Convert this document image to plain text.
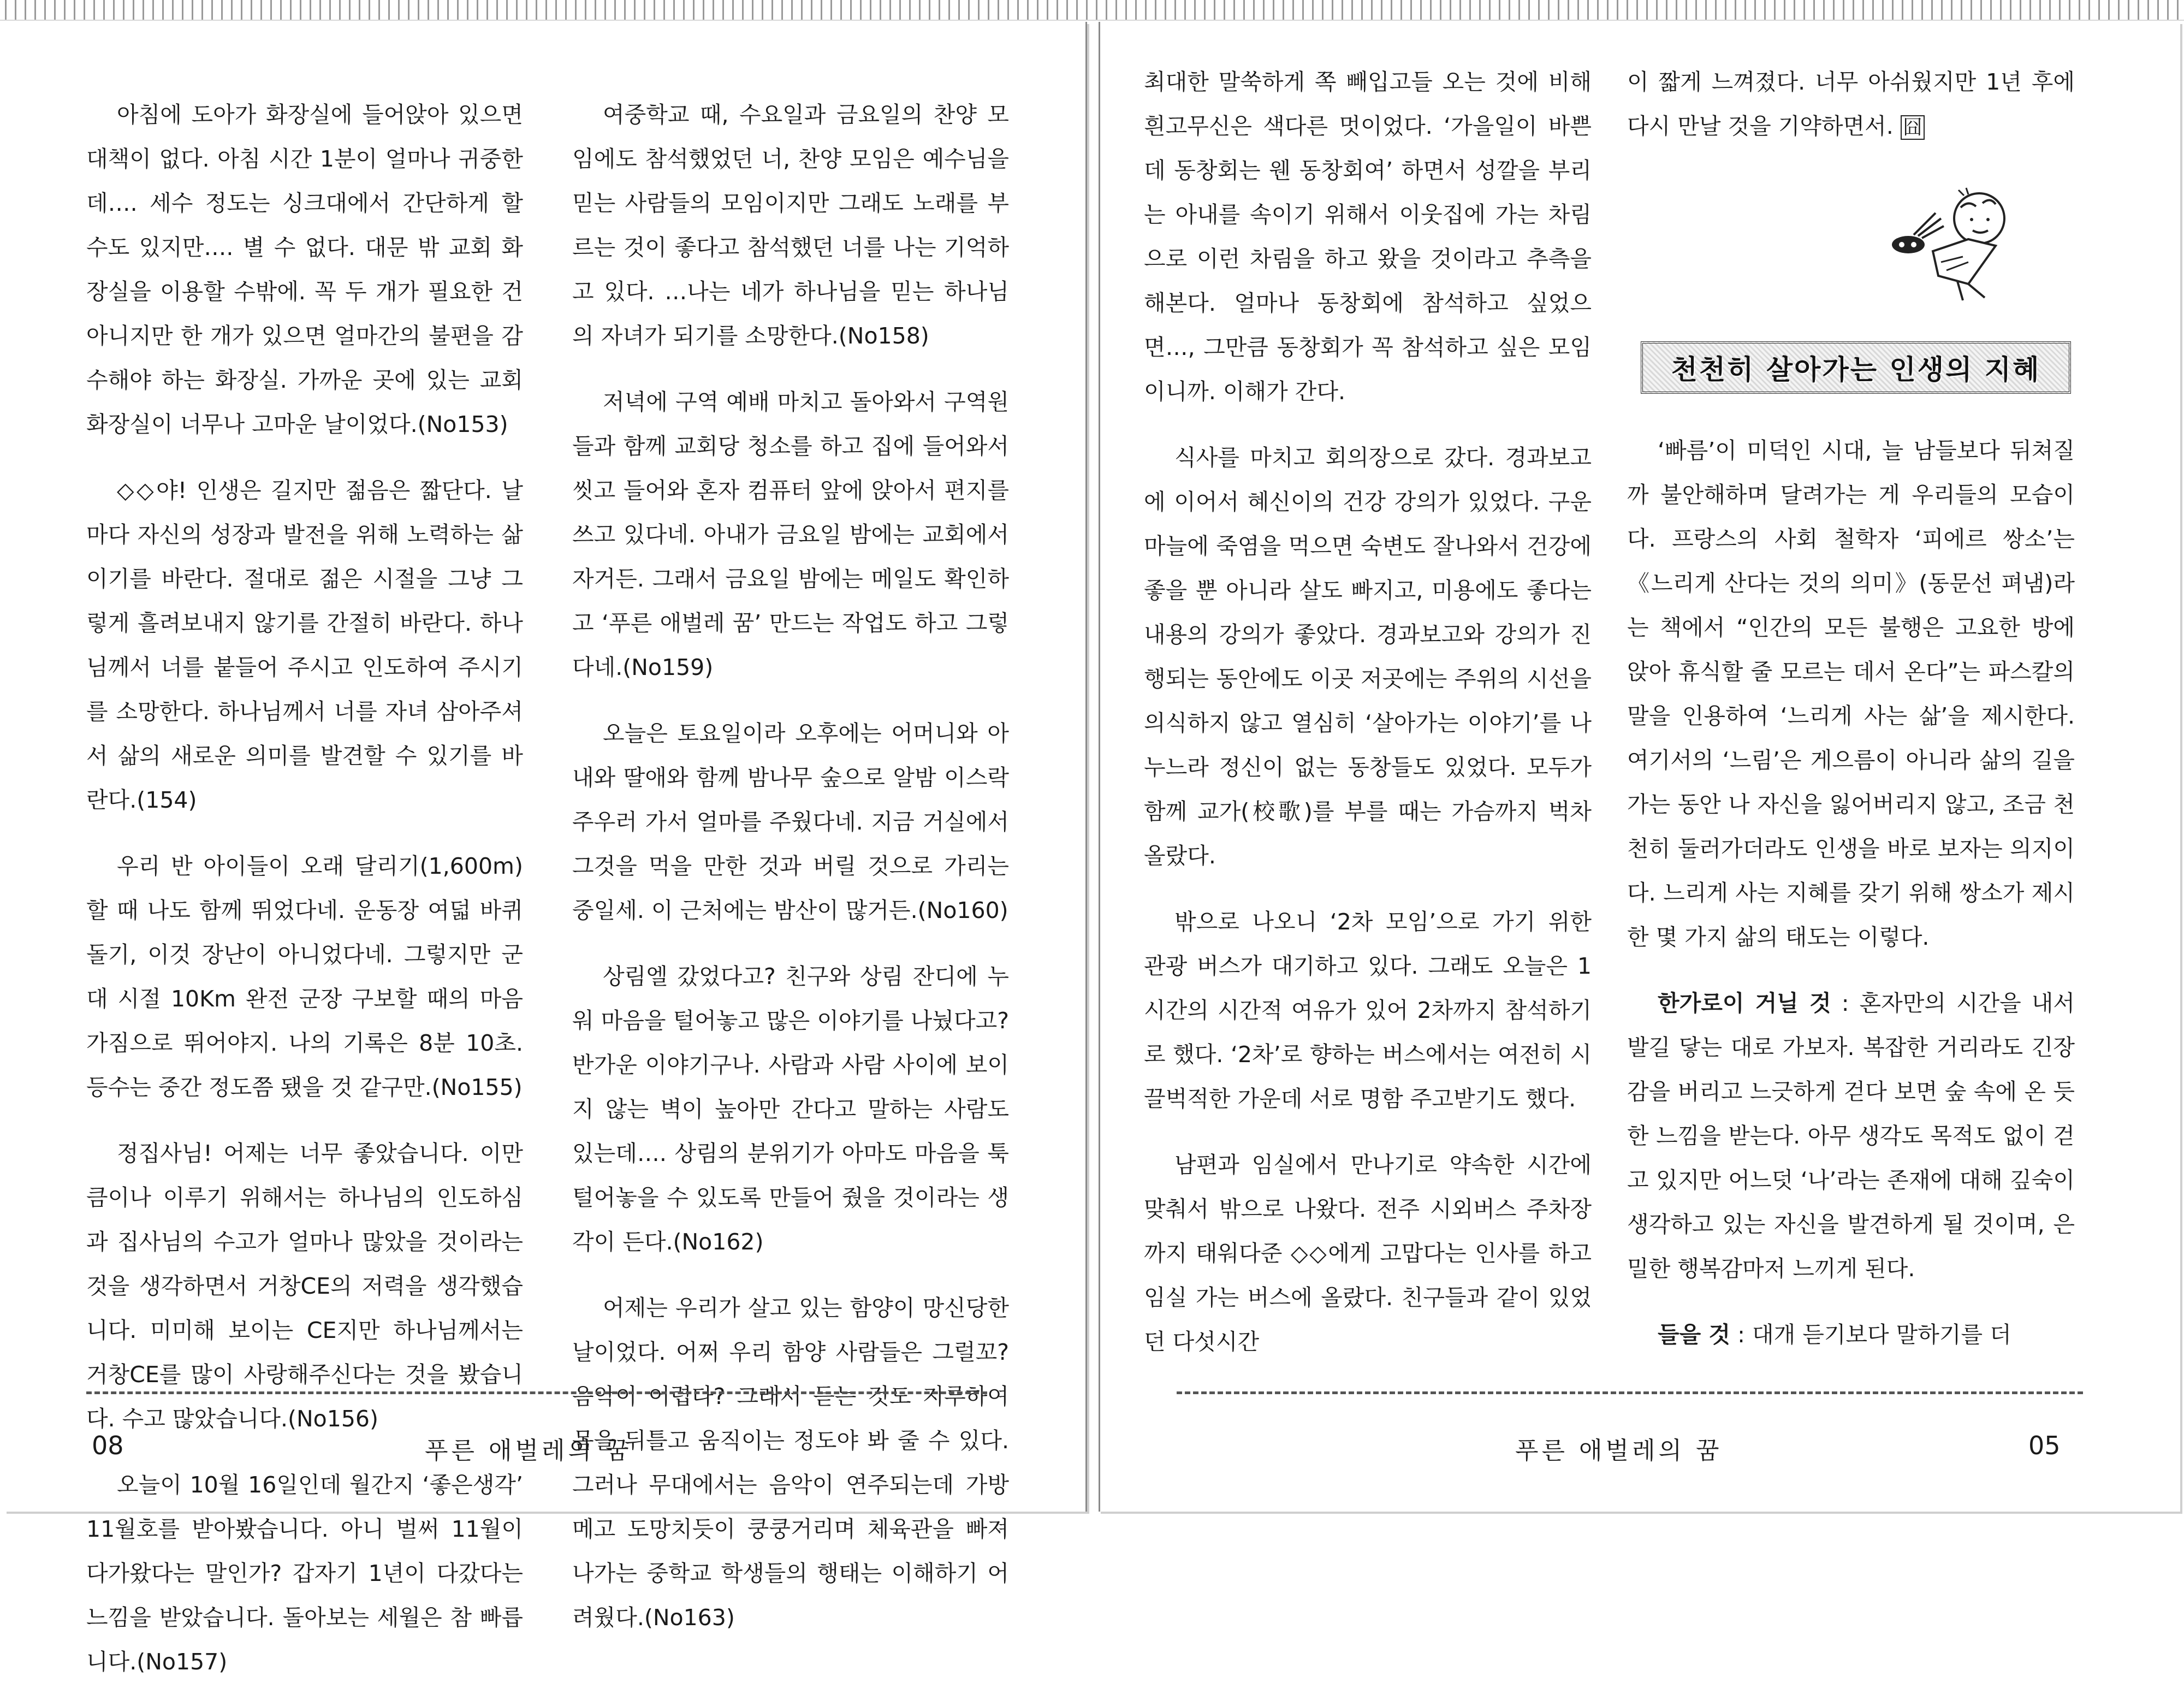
아침에 도아가 화장실에 들어앉아 있으면 대책이 없다. 아침 시간 1분이 얼마나 귀중한데…. 세수 정도는 싱크대에서 간단하게 할 수도 있지만…. 별 수 없다. 대문 밖 교회 화장실을 이용할 수밖에. 꼭 두 개가 필요한 건 아니지만 한 개가 있으면 얼마간의 불편을 감수해야 하는 화장실. 가까운 곳에 있는 교회 화장실이 너무나 고마운 날이었다.(No153)

◇◇야! 인생은 길지만 젊음은 짧단다. 날마다 자신의 성장과 발전을 위해 노력하는 삶이기를 바란다. 절대로 젊은 시절을 그냥 그렇게 흘려보내지 않기를 간절히 바란다. 하나님께서 너를 붙들어 주시고 인도하여 주시기를 소망한다. 하나님께서 너를 자녀 삼아주셔서 삶의 새로운 의미를 발견할 수 있기를 바란다.(154)

우리 반 아이들이 오래 달리기(1,600m) 할 때 나도 함께 뛰었다네. 운동장 여덟 바퀴 돌기, 이것 장난이 아니었다네. 그렇지만 군대 시절 10Km 완전 군장 구보할 때의 마음가짐으로 뛰어야지. 나의 기록은 8분 10초. 등수는 중간 정도쯤 됐을 것 같구만.(No155)

정집사님! 어제는 너무 좋았습니다. 이만큼이나 이루기 위해서는 하나님의 인도하심과 집사님의 수고가 얼마나 많았을 것이라는 것을 생각하면서 거창CE의 저력을 생각했습니다. 미미해 보이는 CE지만 하나님께서는 거창CE를 많이 사랑해주신다는 것을 봤습니다. 수고 많았습니다.(No156)

오늘이 10월 16일인데 월간지 ‘좋은생각’ 11월호를 받아봤습니다. 아니 벌써 11월이 다가왔다는 말인가? 갑자기 1년이 다갔다는 느낌을 받았습니다. 돌아보는 세월은 참 빠릅니다.(No157)

여중학교 때, 수요일과 금요일의 찬양 모임에도 참석했었던 너, 찬양 모임은 예수님을 믿는 사람들의 모임이지만 그래도 노래를 부르는 것이 좋다고 참석했던 너를 나는 기억하고 있다. …나는 네가 하나님을 믿는 하나님의 자녀가 되기를 소망한다.(No158)

저녁에 구역 예배 마치고 돌아와서 구역원들과 함께 교회당 청소를 하고 집에 들어와서 씻고 들어와 혼자 컴퓨터 앞에 앉아서 편지를 쓰고 있다네. 아내가 금요일 밤에는 교회에서 자거든. 그래서 금요일 밤에는 메일도 확인하고 ‘푸른 애벌레 꿈’ 만드는 작업도 하고 그렇다네.(No159)

오늘은 토요일이라 오후에는 어머니와 아내와 딸애와 함께 밤나무 숲으로 알밤 이스락 주우러 가서 얼마를 주웠다네. 지금 거실에서 그것을 먹을 만한 것과 버릴 것으로 가리는 중일세. 이 근처에는 밤산이 많거든.(No160)

상림엘 갔었다고? 친구와 상림 잔디에 누워 마음을 털어놓고 많은 이야기를 나눴다고? 반가운 이야기구나. 사람과 사람 사이에 보이지 않는 벽이 높아만 간다고 말하는 사람도 있는데…. 상림의 분위기가 아마도 마음을 툭 털어놓을 수 있도록 만들어 줬을 것이라는 생각이 든다.(No162)

어제는 우리가 살고 있는 함양이 망신당한 날이었다. 어쩌 우리 함양 사람들은 그럴꼬? 음악이 어렵다? 그래서 듣는 것도 지루하여 몸을 뒤틀고 움직이는 정도야 봐 줄 수 있다. 그러나 무대에서는 음악이 연주되는데 가방메고 도망치듯이 쿵쿵거리며 체육관을 빠져나가는 중학교 학생들의 행태는 이해하기 어려웠다.(No163)

08	푸른 애벌레의 꿈

최대한 말쑥하게 쪽 빼입고들 오는 것에 비해 흰고무신은 색다른 멋이었다. ‘가을일이 바쁜데 동창회는 웬 동창회여’ 하면서 성깔을 부리는 아내를 속이기 위해서 이웃집에 가는 차림으로 이런 차림을 하고 왔을 것이라고 추측을 해본다. 얼마나 동창회에 참석하고 싶었으면…, 그만큼 동창회가 꼭 참석하고 싶은 모임이니까. 이해가 간다.

식사를 마치고 회의장으로 갔다. 경과보고에 이어서 혜신이의 건강 강의가 있었다. 구운 마늘에 죽염을 먹으면 숙변도 잘나와서 건강에 좋을 뿐 아니라 살도 빠지고, 미용에도 좋다는 내용의 강의가 좋았다. 경과보고와 강의가 진행되는 동안에도 이곳 저곳에는 주위의 시선을 의식하지 않고 열심히 ‘살아가는 이야기’를 나누느라 정신이 없는 동창들도 있었다. 모두가 함께 교가(校歌)를 부를 때는 가슴까지 벅차 올랐다.

밖으로 나오니 ‘2차 모임’으로 가기 위한 관광 버스가 대기하고 있다. 그래도 오늘은 1시간의 시간적 여유가 있어 2차까지 참석하기로 했다. ‘2차’로 향하는 버스에서는 여전히 시끌벅적한 가운데 서로 명함 주고받기도 했다.

남편과 임실에서 만나기로 약속한 시간에 맞춰서 밖으로 나왔다. 전주 시외버스 주차장까지 태워다준 ◇◇에게 고맙다는 인사를 하고 임실 가는 버스에 올랐다. 친구들과 같이 있었던 다섯시간

이 짧게 느껴졌다. 너무 아쉬웠지만 1년 후에 다시 만날 것을 기약하면서. 囧

천천히 살아가는 인생의 지혜

‘빠름’이 미덕인 시대, 늘 남들보다 뒤쳐질까 불안해하며 달려가는 게 우리들의 모습이다. 프랑스의 사회 철학자 ‘피에르 쌍소’는 《느리게 산다는 것의 의미》(동문선 펴냄)라는 책에서 “인간의 모든 불행은 고요한 방에 앉아 휴식할 줄 모르는 데서 온다”는 파스칼의 말을 인용하여 ‘느리게 사는 삶’을 제시한다. 여기서의 ‘느림’은 게으름이 아니라 삶의 길을 가는 동안 나 자신을 잃어버리지 않고, 조금 천천히 둘러가더라도 인생을 바로 보자는 의지이다. 느리게 사는 지혜를 갖기 위해 쌍소가 제시한 몇 가지 삶의 태도는 이렇다.

한가로이 거닐 것 : 혼자만의 시간을 내서 발길 닿는 대로 가보자. 복잡한 거리라도 긴장감을 버리고 느긋하게 걷다 보면 숲 속에 온 듯한 느낌을 받는다. 아무 생각도 목적도 없이 걷고 있지만 어느덧 ‘나’라는 존재에 대해 깊숙이 생각하고 있는 자신을 발견하게 될 것이며, 은밀한 행복감마저 느끼게 된다.

들을 것 : 대개 듣기보다 말하기를 더

푸른 애벌레의 꿈	05
